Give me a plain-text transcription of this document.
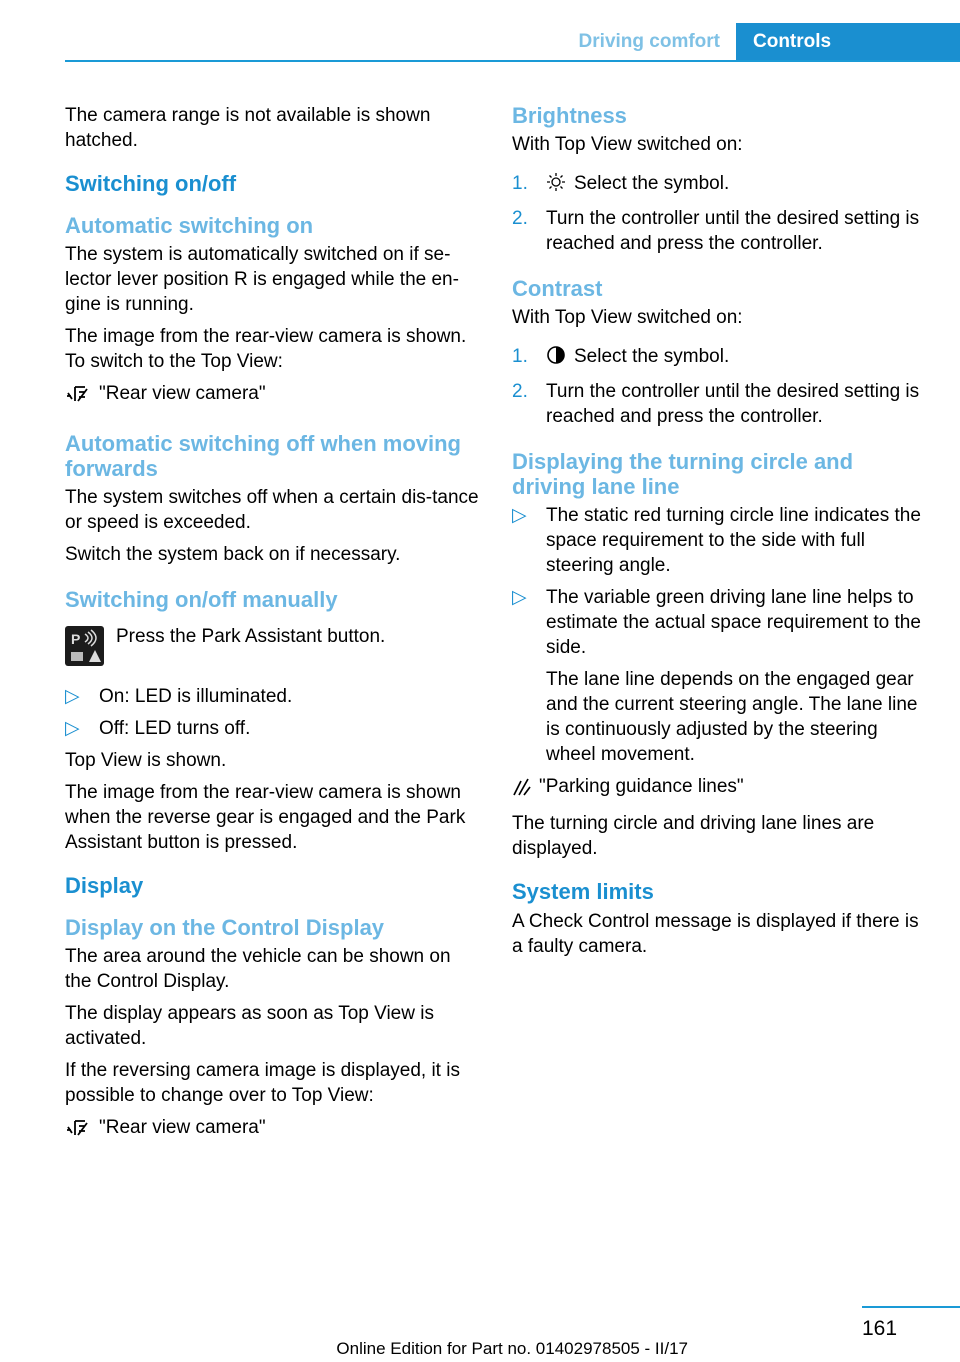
Driving comfort	Controls

The camera range is not available is shown hatched.

Switching on/off
Automatic switching on

The system is automatically switched on if se-lector lever position R is engaged while the en-gine is running.

The image from the rear-view camera is shown. To switch to the Top View:

"Rear view camera"
Automatic switching off when moving forwards

The system switches off when a certain dis-tance or speed is exceeded.

Switch the system back on if necessary.

Switching on/off manually
P Press the Park Assistant button.

▷	On: LED is illuminated.
▷	Off: LED turns off.

Top View is shown.

The image from the rear-view camera is shown when the reverse gear is engaged and the Park Assistant button is pressed.

Display
Display on the Control Display

The area around the vehicle can be shown on the Control Display.

The display appears as soon as Top View is activated.

If the reversing camera image is displayed, it is possible to change over to Top View:

"Rear view camera"
Brightness

With Top View switched on:

1.	Select the symbol.
2. Turn the controller until the desired setting is reached and press the controller.
Contrast

With Top View switched on:

1.	Select the symbol.
2. Turn the controller until the desired setting is reached and press the controller.
Displaying the turning circle and driving lane line
▷	The static red turning circle line indicates the space requirement to the side with full steering angle.
▷	The variable green driving lane line helps to estimate the actual space requirement to the side.

The lane line depends on the engaged gear and the current steering angle. The lane line is continuously adjusted by the steering wheel movement.

"Parking guidance lines"

The turning circle and driving lane lines are displayed.

System limits

A Check Control message is displayed if there is a faulty camera.

161
Online Edition for Part no. 01402978505 - II/17
